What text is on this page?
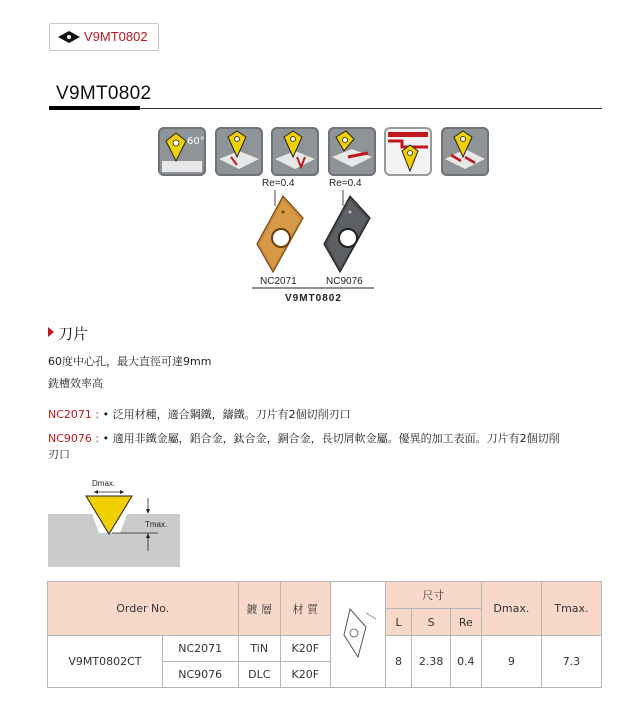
V9MT0802
V9MT0802
60°
Re=0.4	Re=0.4
NC2071	NC9076
V9MT0802
刀片
60度中心孔，最大直徑可達9mm
銑槽效率高
NC2071 : • 泛用材種，適合鋼鐵，鑄鐵。刀片有2個切削刃口
NC9076 : • 適用非鐵金屬，鋁合金，鈦合金，銅合金，長切屑軟金屬。優異的加工表面。刀片有2個切削
刃口
Dmax.
Tmax.
Order No.		鍍 層	材 質		尺寸			Dmax.	Tmax.
					L	S	Re		
V9MT0802CT	NC2071	TiN	K20F		8	2.38	0.4	9	7.3
	NC9076	DLC	K20F						
